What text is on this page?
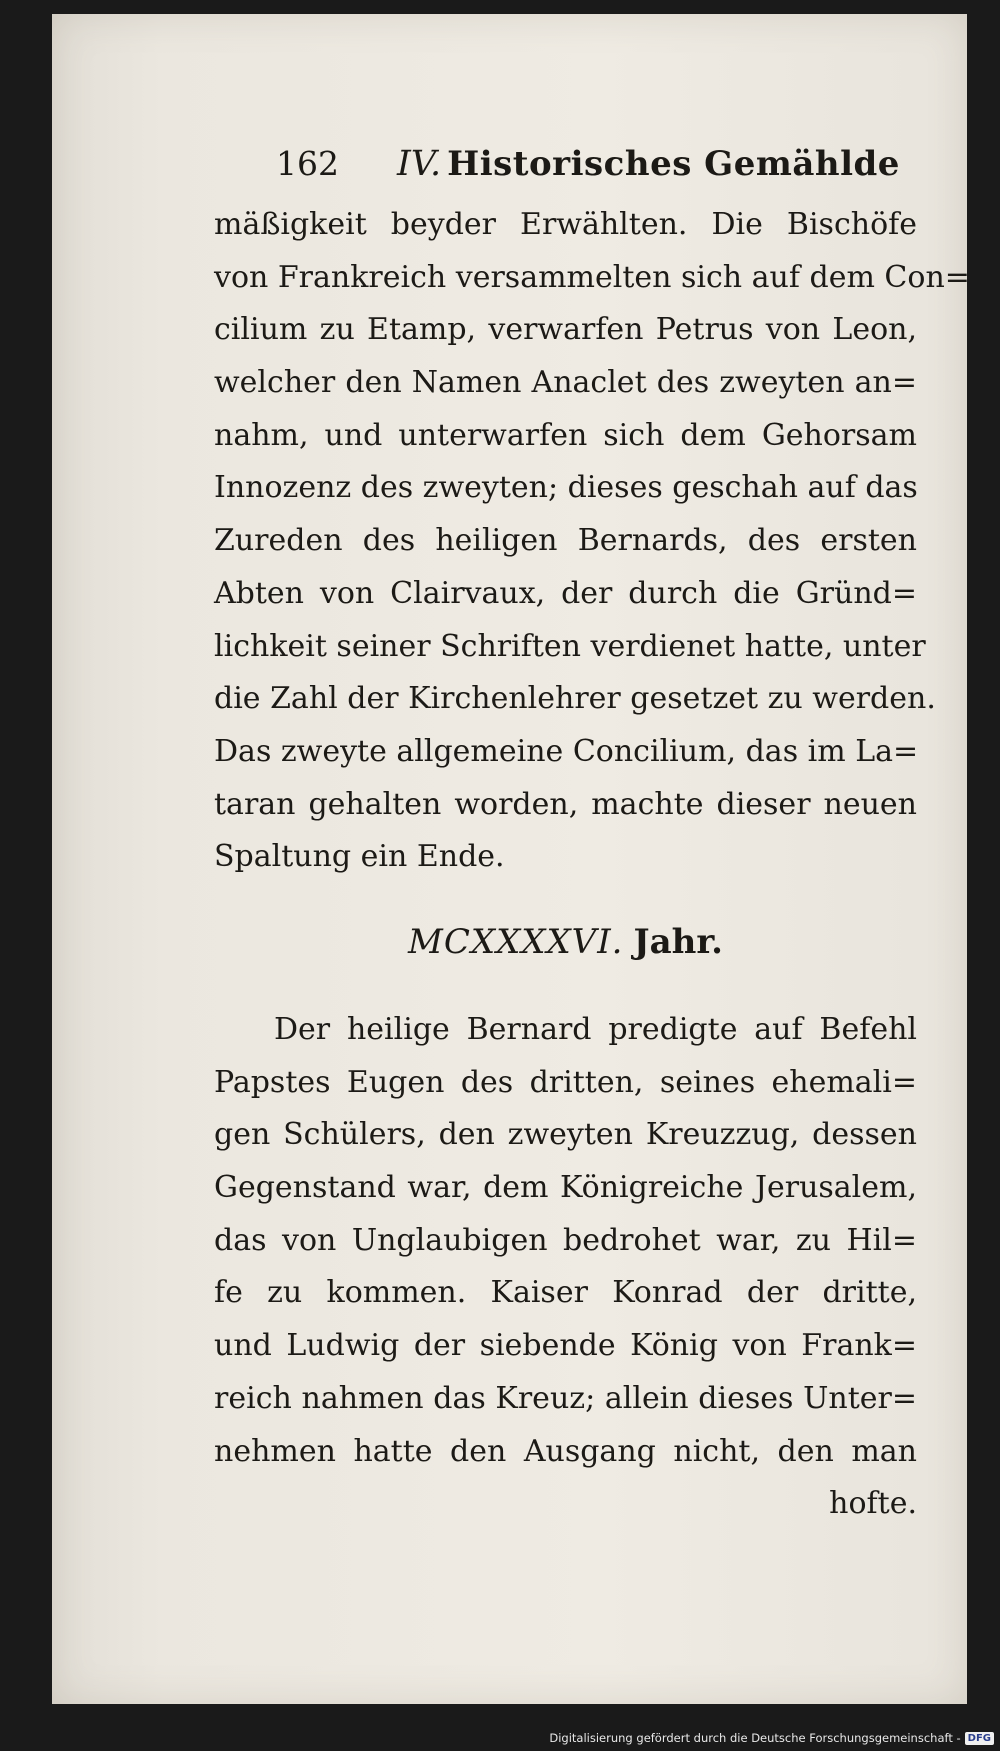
162 IV. Historisches Gemählde
mäßigkeit beyder Erwählten. Die Bischöfe
von Frankreich versammelten sich auf dem Con=
cilium zu Etamp, verwarfen Petrus von Leon,
welcher den Namen Anaclet des zweyten an=
nahm, und unterwarfen sich dem Gehorsam
Innozenz des zweyten; dieses geschah auf das
Zureden des heiligen Bernards, des ersten
Abten von Clairvaux, der durch die Gründ=
lichkeit seiner Schriften verdienet hatte, unter
die Zahl der Kirchenlehrer gesetzet zu werden.
Das zweyte allgemeine Concilium, das im La=
taran gehalten worden, machte dieser neuen
Spaltung ein Ende.
MCXXXXVI. Jahr.
Der heilige Bernard predigte auf Befehl
Papstes Eugen des dritten, seines ehemali=
gen Schülers, den zweyten Kreuzzug, dessen
Gegenstand war, dem Königreiche Jerusalem,
das von Unglaubigen bedrohet war, zu Hil=
fe zu kommen. Kaiser Konrad der dritte,
und Ludwig der siebende König von Frank=
reich nahmen das Kreuz; allein dieses Unter=
nehmen hatte den Ausgang nicht, den man
hofte.
Digitalisierung gefördert durch die Deutsche Forschungsgemeinschaft - DFG
